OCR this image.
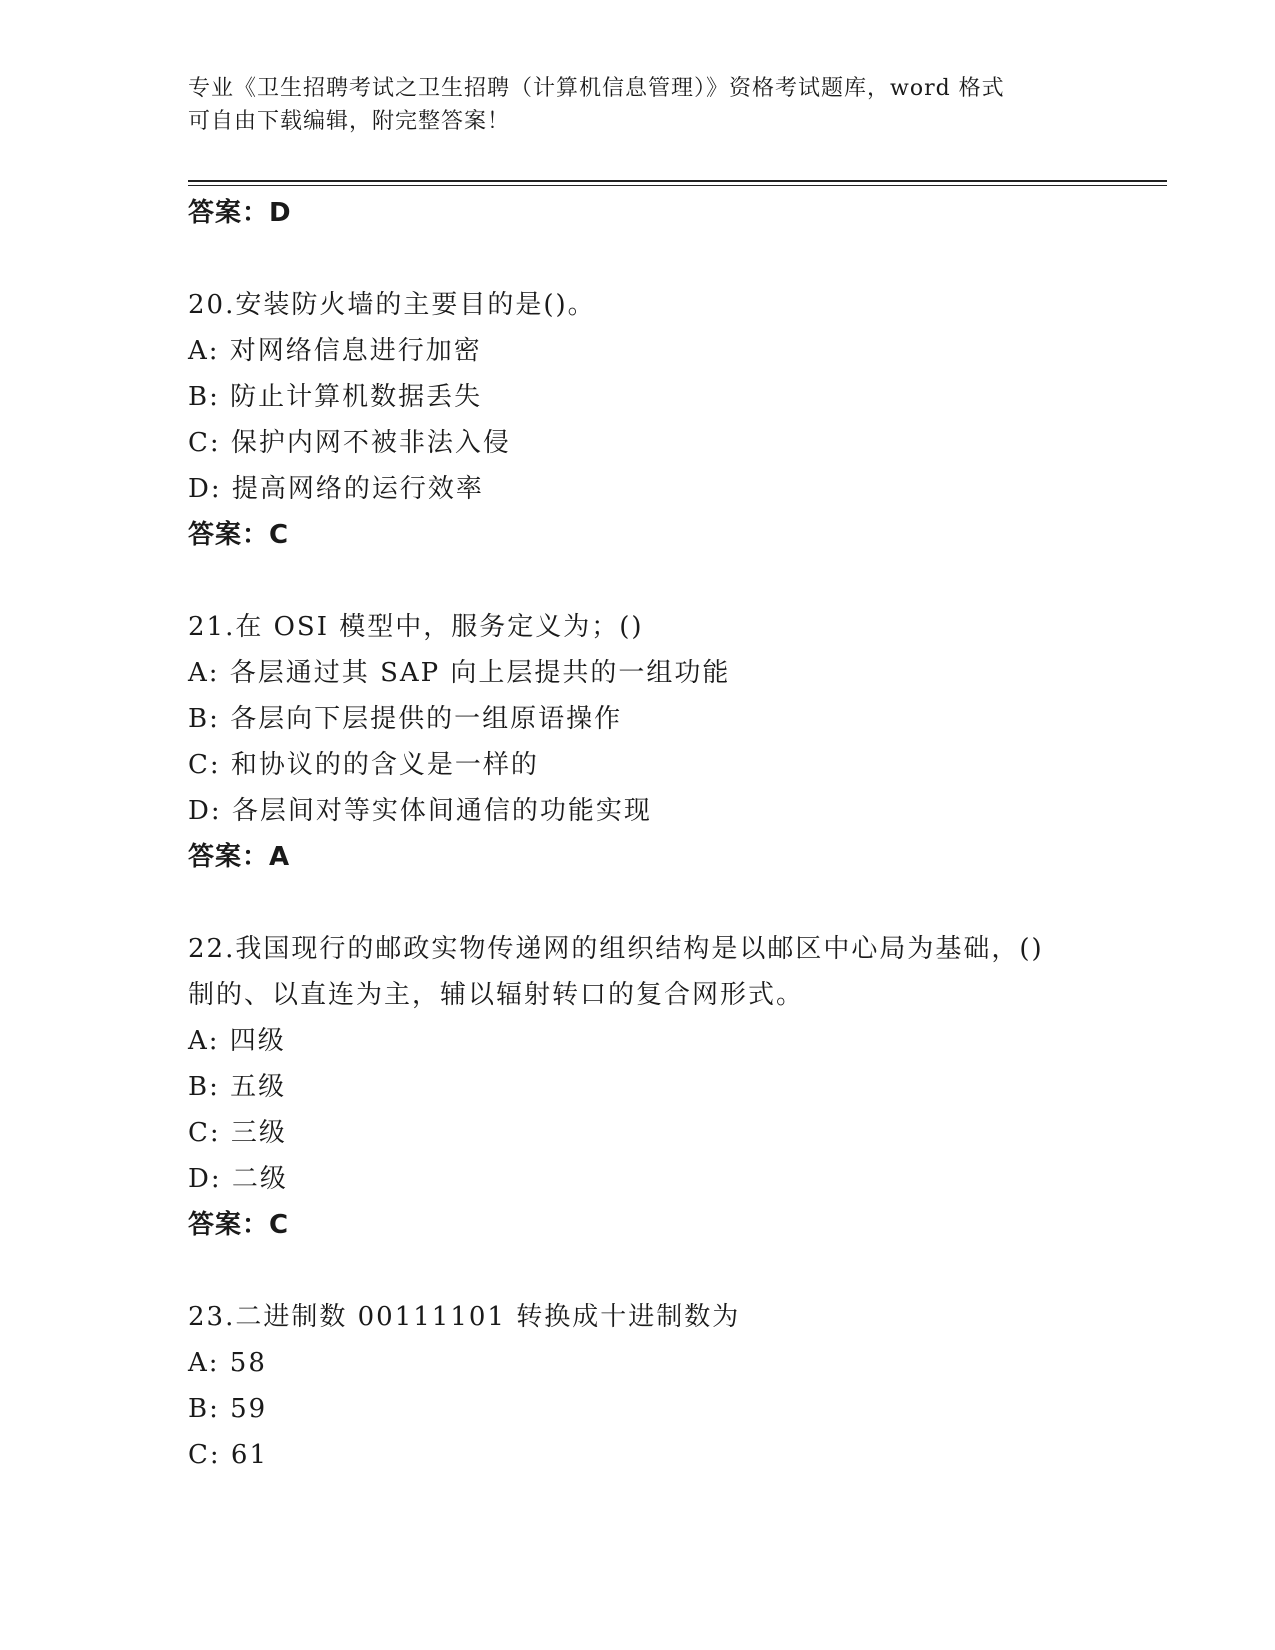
专业《卫生招聘考试之卫生招聘（计算机信息管理）》资格考试题库，word 格式
可自由下载编辑，附完整答案！
答案：D
20.安装防火墙的主要目的是()。
A: 对网络信息进行加密
B: 防止计算机数据丢失
C: 保护内网不被非法入侵
D: 提高网络的运行效率
答案：C
21.在 OSI 模型中，服务定义为；()
A: 各层通过其 SAP 向上层提共的一组功能
B: 各层向下层提供的一组原语操作
C: 和协议的的含义是一样的
D: 各层间对等实体间通信的功能实现
答案：A
22.我国现行的邮政实物传递网的组织结构是以邮区中心局为基础，()
制的、以直连为主，辅以辐射转口的复合网形式。
A: 四级
B: 五级
C: 三级
D: 二级
答案：C
23.二进制数 00111101 转换成十进制数为
A: 58
B: 59
C: 61
